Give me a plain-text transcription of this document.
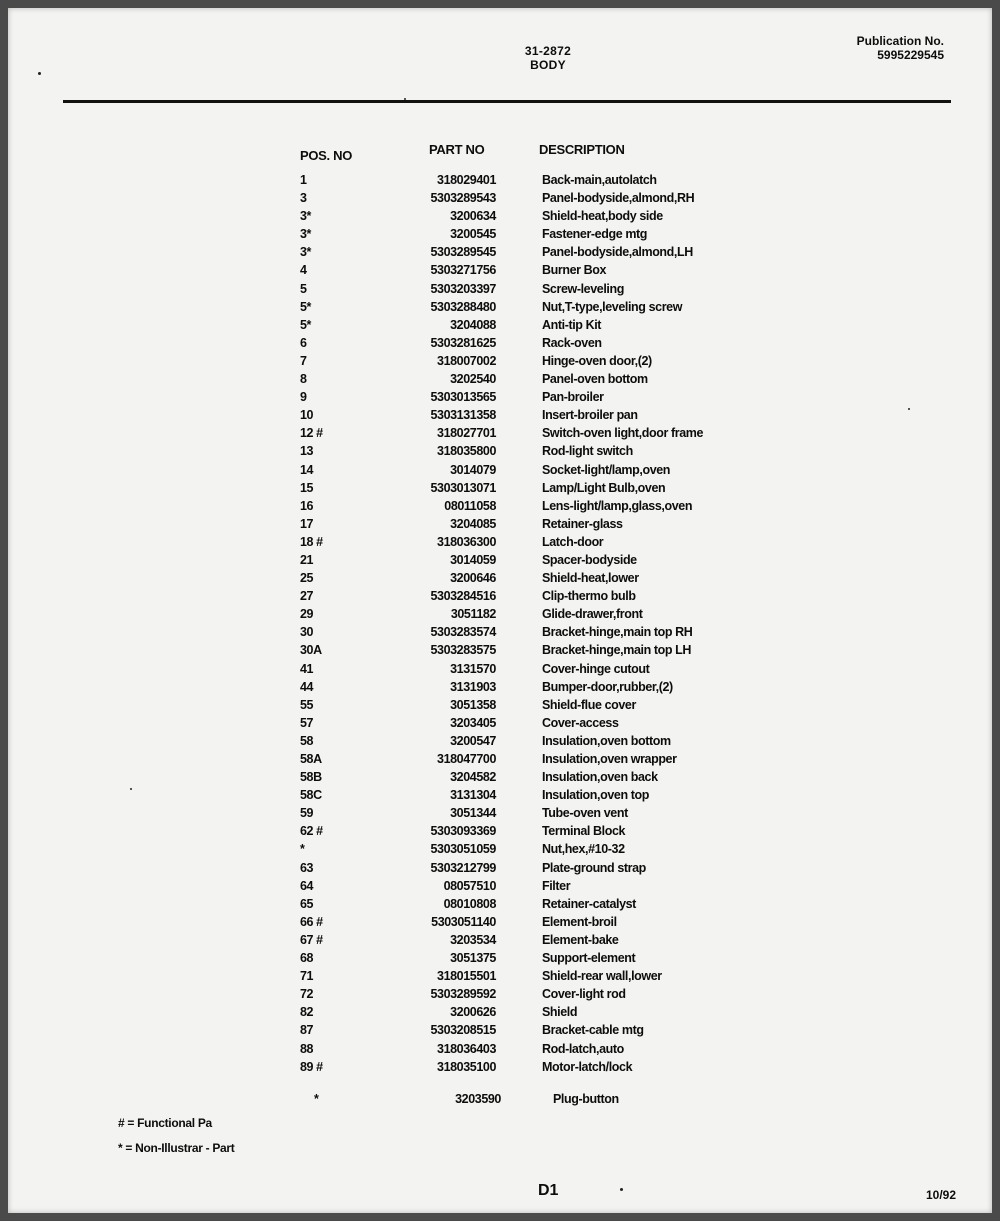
31-2872
BODY
Publication No.
5995229545
POS. NO	PART NO	DESCRIPTION
1	318029401	Back-main,autolatch
3	5303289543	Panel-bodyside,almond,RH
3*	3200634	Shield-heat,body side
3*	3200545	Fastener-edge mtg
3*	5303289545	Panel-bodyside,almond,LH
4	5303271756	Burner Box
5	5303203397	Screw-leveling
5*	5303288480	Nut,T-type,leveling screw
5*	3204088	Anti-tip Kit
6	5303281625	Rack-oven
7	318007002	Hinge-oven door,(2)
8	3202540	Panel-oven bottom
9	5303013565	Pan-broiler
10	5303131358	Insert-broiler pan
12 #	318027701	Switch-oven light,door frame
13	318035800	Rod-light switch
14	3014079	Socket-light/lamp,oven
15	5303013071	Lamp/Light Bulb,oven
16	08011058	Lens-light/lamp,glass,oven
17	3204085	Retainer-glass
18 #	318036300	Latch-door
21	3014059	Spacer-bodyside
25	3200646	Shield-heat,lower
27	5303284516	Clip-thermo bulb
29	3051182	Glide-drawer,front
30	5303283574	Bracket-hinge,main top RH
30A	5303283575	Bracket-hinge,main top LH
41	3131570	Cover-hinge cutout
44	3131903	Bumper-door,rubber,(2)
55	3051358	Shield-flue cover
57	3203405	Cover-access
58	3200547	Insulation,oven bottom
58A	318047700	Insulation,oven wrapper
58B	3204582	Insulation,oven back
58C	3131304	Insulation,oven top
59	3051344	Tube-oven vent
62 #	5303093369	Terminal Block
*	5303051059	Nut,hex,#10-32
63	5303212799	Plate-ground strap
64	08057510	Filter
65	08010808	Retainer-catalyst
66 #	5303051140	Element-broil
67 #	3203534	Element-bake
68	3051375	Support-element
71	318015501	Shield-rear wall,lower
72	5303289592	Cover-light rod
82	3200626	Shield
87	5303208515	Bracket-cable mtg
88	318036403	Rod-latch,auto
89 #	318035100	Motor-latch/lock
*	3203590	Plug-button
# = Functional Pa
* = Non-Illustrar - Part
D1	10/92
